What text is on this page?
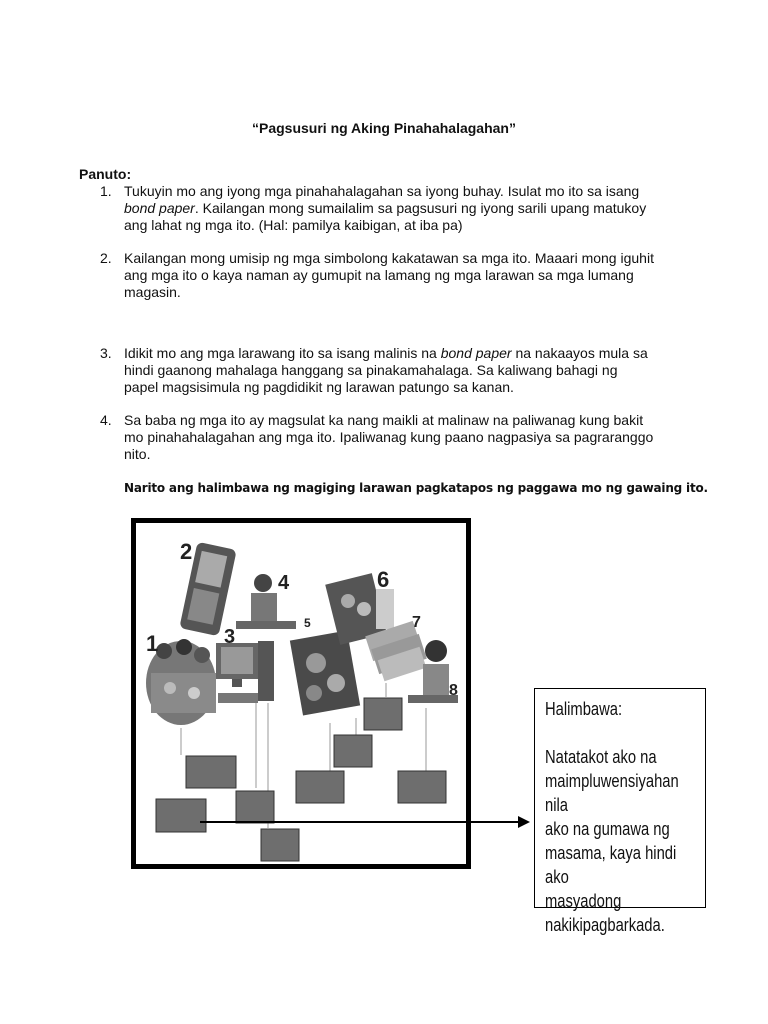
“Pagsusuri ng Aking Pinahahalagahan”
Panuto:
1. Tukuyin mo ang iyong mga pinahahalagahan sa iyong buhay. Isulat mo ito sa isang
bond paper. Kailangan mong sumailalim sa pagsusuri ng iyong sarili upang matukoy
ang lahat ng mga ito. (Hal: pamilya kaibigan, at iba pa)
2. Kailangan mong umisip ng mga simbolong kakatawan sa mga ito. Maaari mong iguhit
ang mga ito o kaya naman ay gumupit na lamang ng mga larawan sa mga lumang
magasin.
3. Idikit mo ang mga larawang ito sa isang malinis na bond paper na nakaayos mula sa
hindi gaanong mahalaga hanggang sa pinakamahalaga. Sa kaliwang bahagi ng
papel magsisimula ng pagdidikit ng larawan patungo sa kanan.
4. Sa baba ng mga ito ay magsulat ka nang maikli at malinaw na paliwanag kung bakit
mo pinahahalagahan ang mga ito. Ipaliwanag kung paano nagpasiya sa pagraranggo
nito.
Narito ang halimbawa ng magiging larawan pagkatapos ng paggawa mo ng gawaing ito.
1
2
3
4
5
6
7
8
Halimbawa:
Natatakot ako na
maimpluwensiyahan nila
ako na gumawa ng
masama, kaya hindi ako
masyadong
nakikipagbarkada.
